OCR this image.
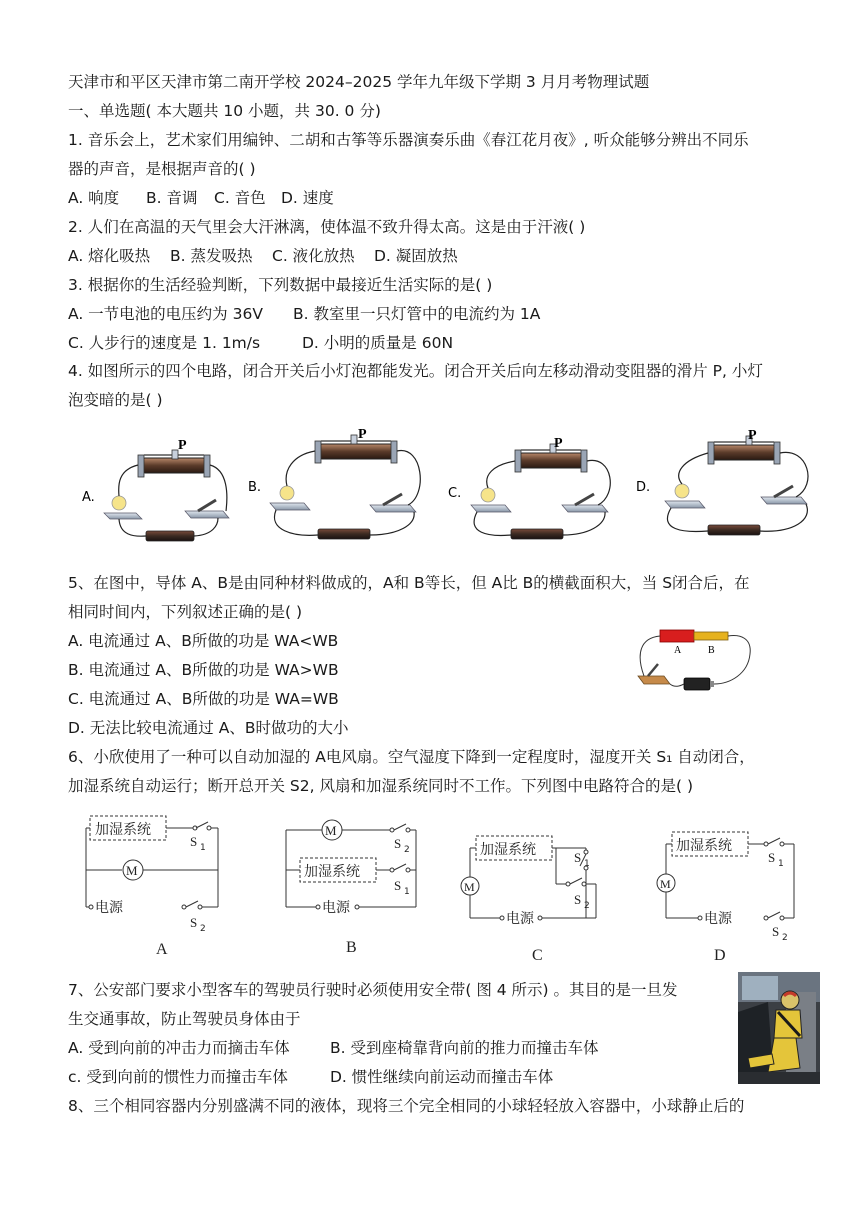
天津市和平区天津市第二南开学校 2024–2025 学年九年级下学期 3 月月考物理试题
一、单选题( 本大题共 10 小题，共 30. 0 分)
1. 音乐会上，艺术家们用编钟、二胡和古筝等乐器演奏乐曲《春江花月夜》, 听众能够分辨出不同乐
器的声音，是根据声音的( )
A. 响度 B. 音调 C. 音色 D. 速度
2. 人们在高温的天气里会大汗淋漓，使体温不致升得太高。这是由于汗液( )
A. 熔化吸热 B. 蒸发吸热 C. 液化放热 D. 凝固放热
3. 根据你的生活经验判断，下列数据中最接近生活实际的是( )
A. 一节电池的电压约为 36V B. 教室里一只灯管中的电流约为 1A
C. 人步行的速度是 1. 1m/s	D. 小明的质量是 60N
4. 如图所示的四个电路，闭合开关后小灯泡都能发光。闭合开关后向左移动滑动变阻器的滑片 P, 小灯
泡变暗的是( )
A.
P
B.
P
C.
P
D.
P
5、在图中，导体 A、B是由同种材料做成的，A和 B等长，但 A比 B的横截面积大，当 S闭合后，在
相同时间内，下列叙述正确的是( )
A. 电流通过 A、B所做的功是 WA<WB
B. 电流通过 A、B所做的功是 WA>WB
C. 电流通过 A、B所做的功是 WA=WB
D. 无法比较电流通过 A、B时做功的大小
A	B
6、小欣使用了一种可以自动加湿的 A电风扇。空气湿度下降到一定程度时，湿度开关 S₁ 自动闭合，
加湿系统自动运行；断开总开关 S2, 风扇和加湿系统同时不工作。下列图中电路符合的是( )
加湿系统
S 1
M
电源
S 2
A
M
S 2
加湿系统
S 1
电源
B
加湿系统
M
S 1
S 2
电源
C
加湿系统
S 1
M
电源
S 2
D
7、公安部门要求小型客车的驾驶员行驶时必须使用安全带( 图 4 所示) 。其目的是一旦发
生交通事故，防止驾驶员身体由于
A. 受到向前的冲击力而摘击车体	B. 受到座椅靠背向前的推力而撞击车体
c. 受到向前的惯性力而撞击车体	D. 惯性继续向前运动而撞击车体
8、三个相同容器内分别盛满不同的液体，现将三个完全相同的小球轻轻放入容器中，小球静止后的
